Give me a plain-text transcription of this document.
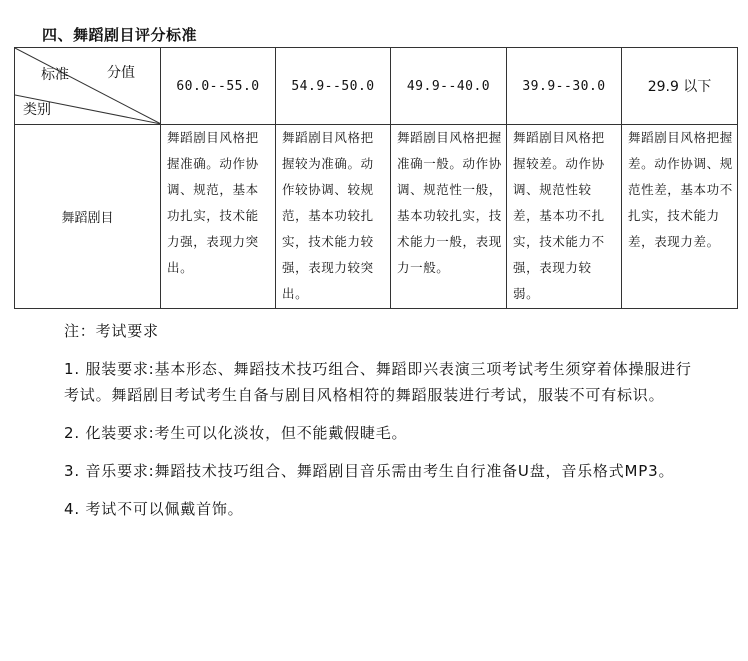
四、舞蹈剧目评分标准
标准 分值
类别	60.0--55.0	54.9--50.0	49.9--40.0	39.9--30.0	29.9 以下
舞蹈剧目	舞蹈剧目风格把握准确。动作协调、规范，基本功扎实，技术能力强，表现力突出。	舞蹈剧目风格把握较为准确。动作较协调、较规范，基本功较扎实，技术能力较强，表现力较突出。	舞蹈剧目风格把握准确一般。动作协调、规范性一般，基本功较扎实，技术能力一般，表现力一般。	舞蹈剧目风格把握较差。动作协调、规范性较差，基本功不扎实，技术能力不强，表现力较弱。	舞蹈剧目风格把握差。动作协调、规范性差，基本功不扎实，技术能力差，表现力差。

注：考试要求

1. 服装要求:基本形态、舞蹈技术技巧组合、舞蹈即兴表演三项考试考生须穿着体操服进行考试。舞蹈剧目考试考生自备与剧目风格相符的舞蹈服装进行考试，服装不可有标识。

2. 化装要求:考生可以化淡妆，但不能戴假睫毛。

3. 音乐要求:舞蹈技术技巧组合、舞蹈剧目音乐需由考生自行准备U盘，音乐格式MP3。

4. 考试不可以佩戴首饰。
